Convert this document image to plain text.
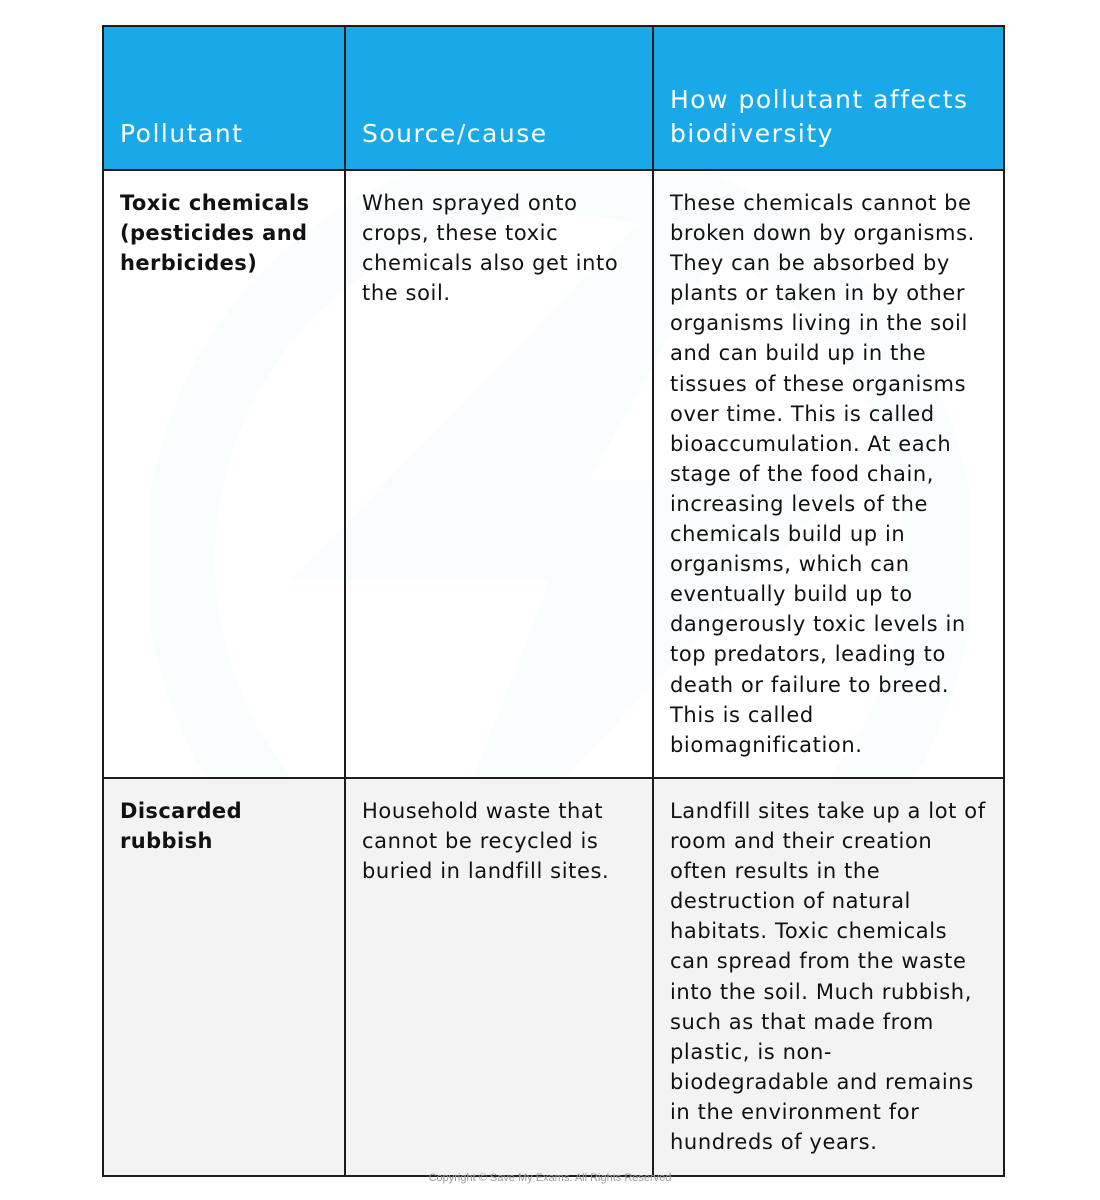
Pollutant	Source/cause	How pollutant affects biodiversity
Toxic chemicals (pesticides and herbicides)	When sprayed onto crops, these toxic chemicals also get into the soil.	These chemicals cannot be broken down by organisms. They can be absorbed by plants or taken in by other organisms living in the soil and can build up in the tissues of these organisms over time. This is called bioaccumulation. At each stage of the food chain, increasing levels of the chemicals build up in organisms, which can eventually build up to dangerously toxic levels in top predators, leading to death or failure to breed. This is called biomagnification.
Discarded rubbish	Household waste that cannot be recycled is buried in landfill sites.	Landfill sites take up a lot of room and their creation often results in the destruction of natural habitats. Toxic chemicals can spread from the waste into the soil. Much rubbish, such as that made from plastic, is non-biodegradable and remains in the environment for hundreds of years.
Copyright © Save My Exams. All Rights Reserved
